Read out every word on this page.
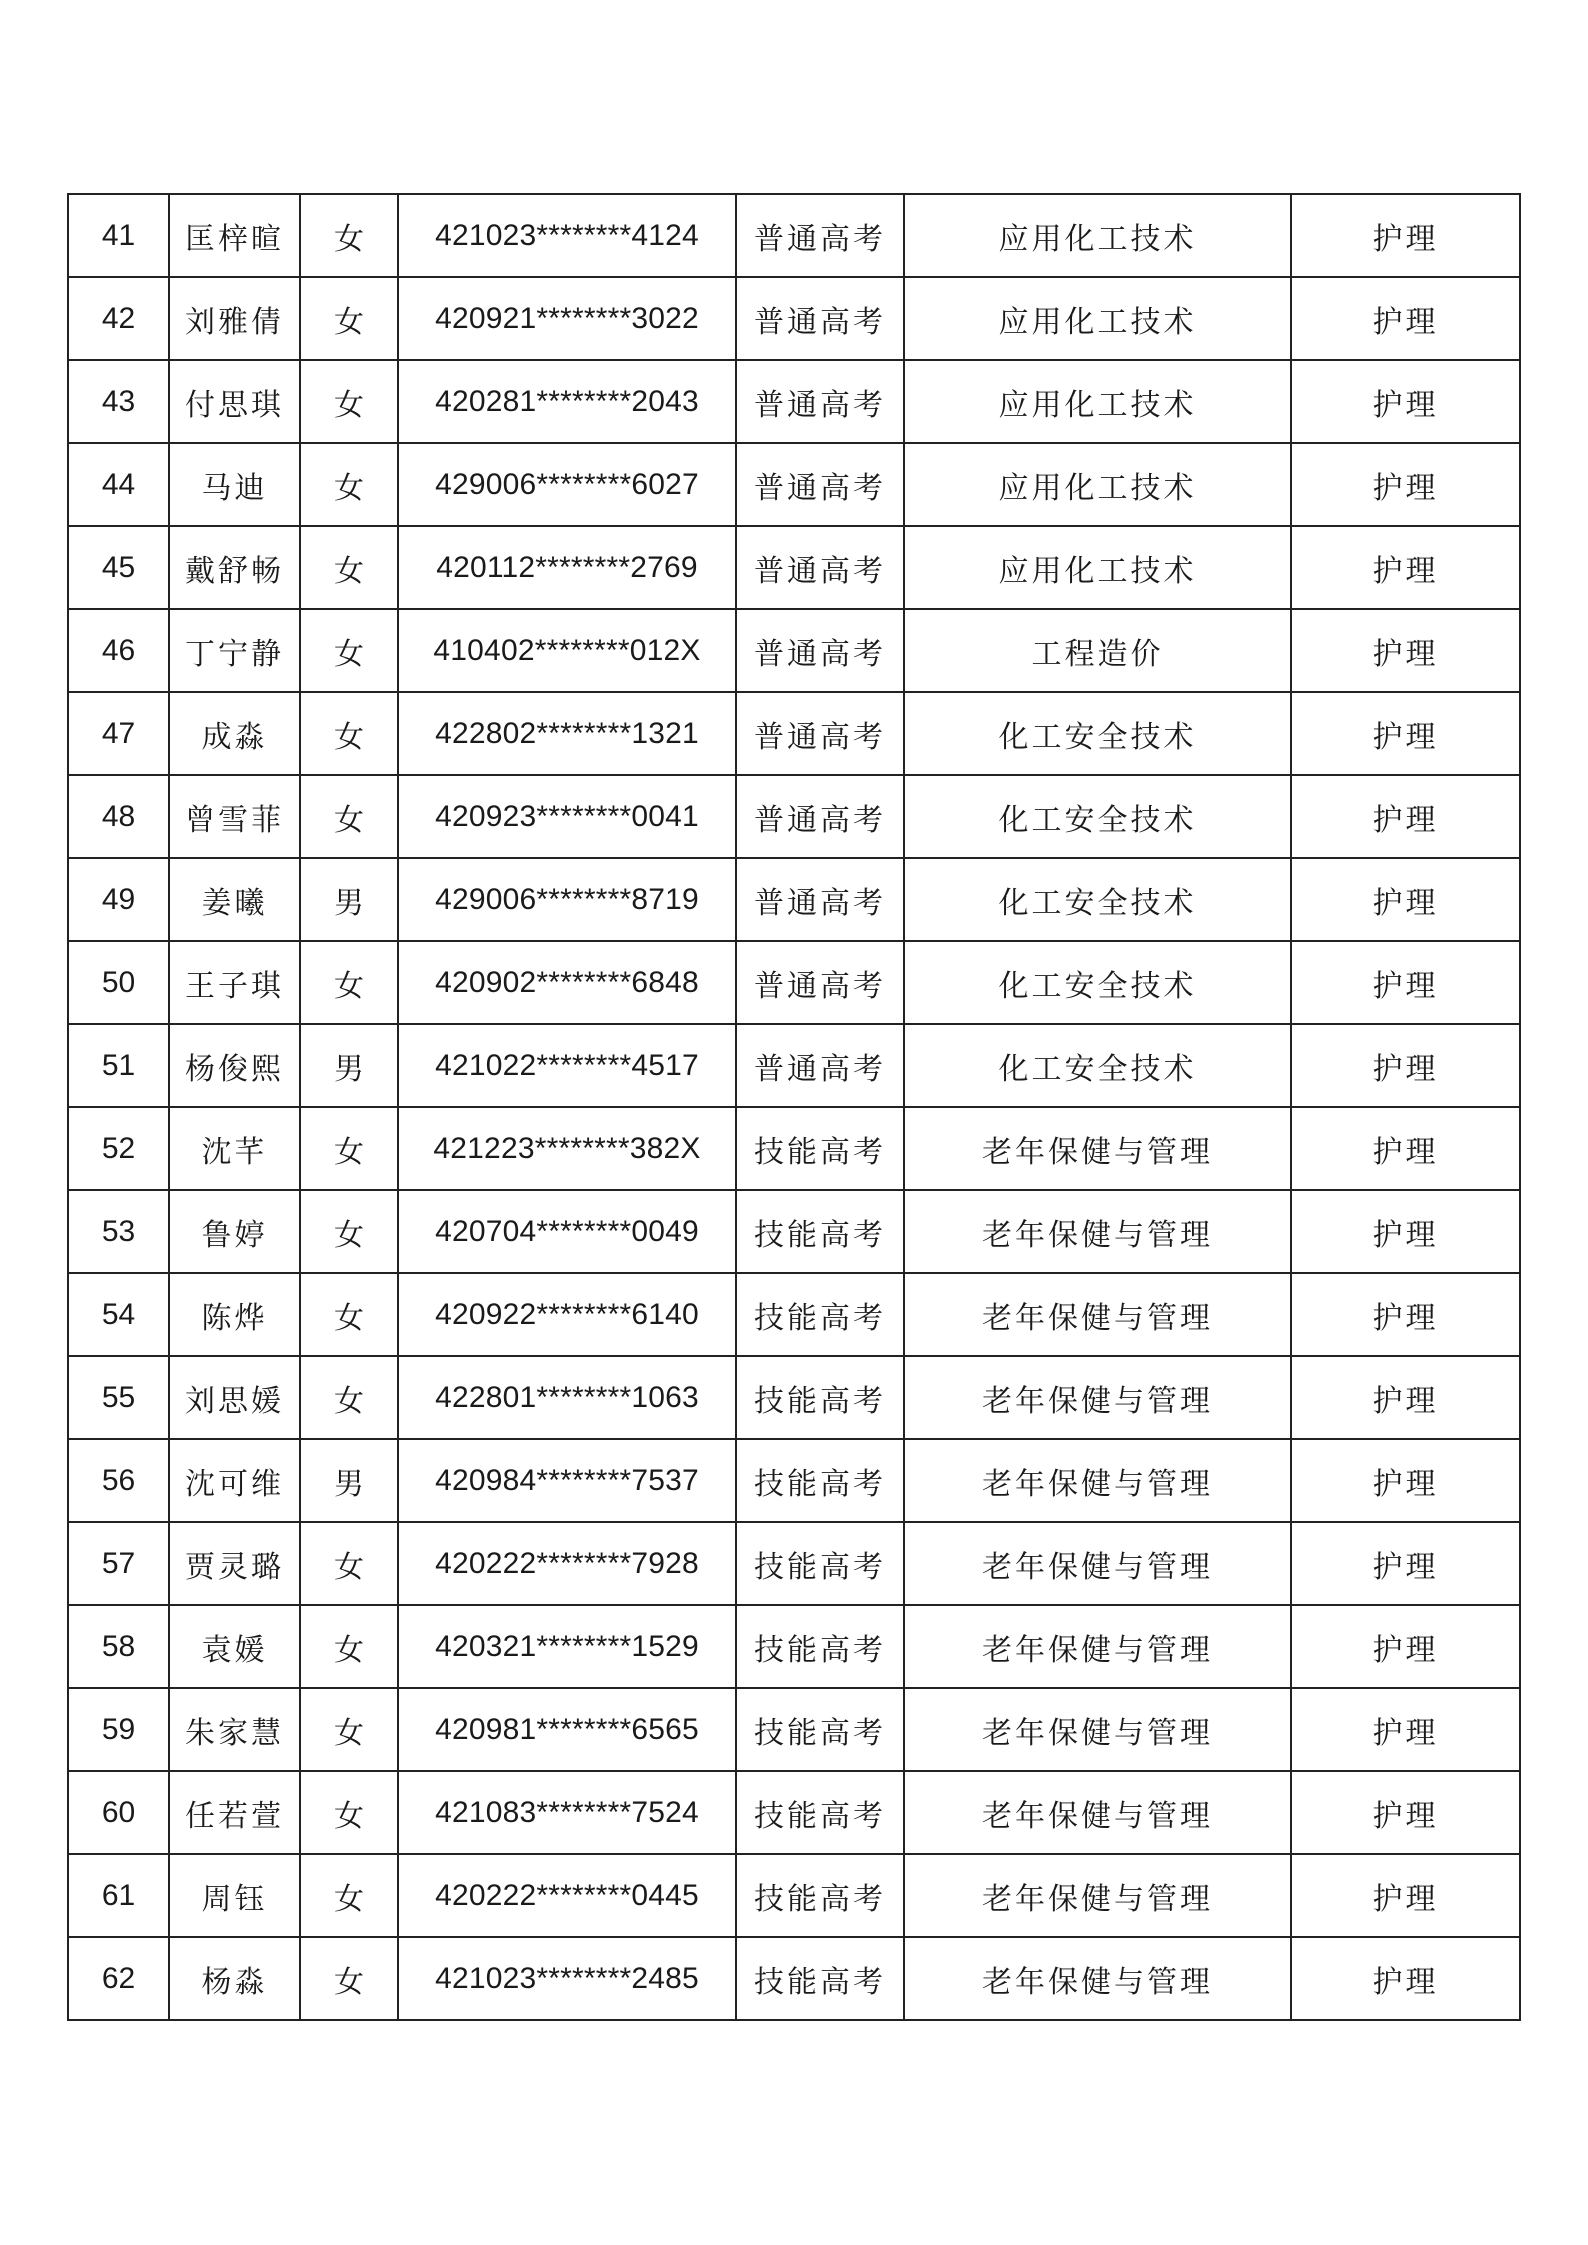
41	匡梓暄	女	421023********4124	普通高考	应用化工技术	护理
42	刘雅倩	女	420921********3022	普通高考	应用化工技术	护理
43	付思琪	女	420281********2043	普通高考	应用化工技术	护理
44	马迪	女	429006********6027	普通高考	应用化工技术	护理
45	戴舒畅	女	420112********2769	普通高考	应用化工技术	护理
46	丁宁静	女	410402********012X	普通高考	工程造价	护理
47	成淼	女	422802********1321	普通高考	化工安全技术	护理
48	曾雪菲	女	420923********0041	普通高考	化工安全技术	护理
49	姜曦	男	429006********8719	普通高考	化工安全技术	护理
50	王子琪	女	420902********6848	普通高考	化工安全技术	护理
51	杨俊熙	男	421022********4517	普通高考	化工安全技术	护理
52	沈芊	女	421223********382X	技能高考	老年保健与管理	护理
53	鲁婷	女	420704********0049	技能高考	老年保健与管理	护理
54	陈烨	女	420922********6140	技能高考	老年保健与管理	护理
55	刘思媛	女	422801********1063	技能高考	老年保健与管理	护理
56	沈可维	男	420984********7537	技能高考	老年保健与管理	护理
57	贾灵璐	女	420222********7928	技能高考	老年保健与管理	护理
58	袁媛	女	420321********1529	技能高考	老年保健与管理	护理
59	朱家慧	女	420981********6565	技能高考	老年保健与管理	护理
60	任若萱	女	421083********7524	技能高考	老年保健与管理	护理
61	周钰	女	420222********0445	技能高考	老年保健与管理	护理
62	杨淼	女	421023********2485	技能高考	老年保健与管理	护理
